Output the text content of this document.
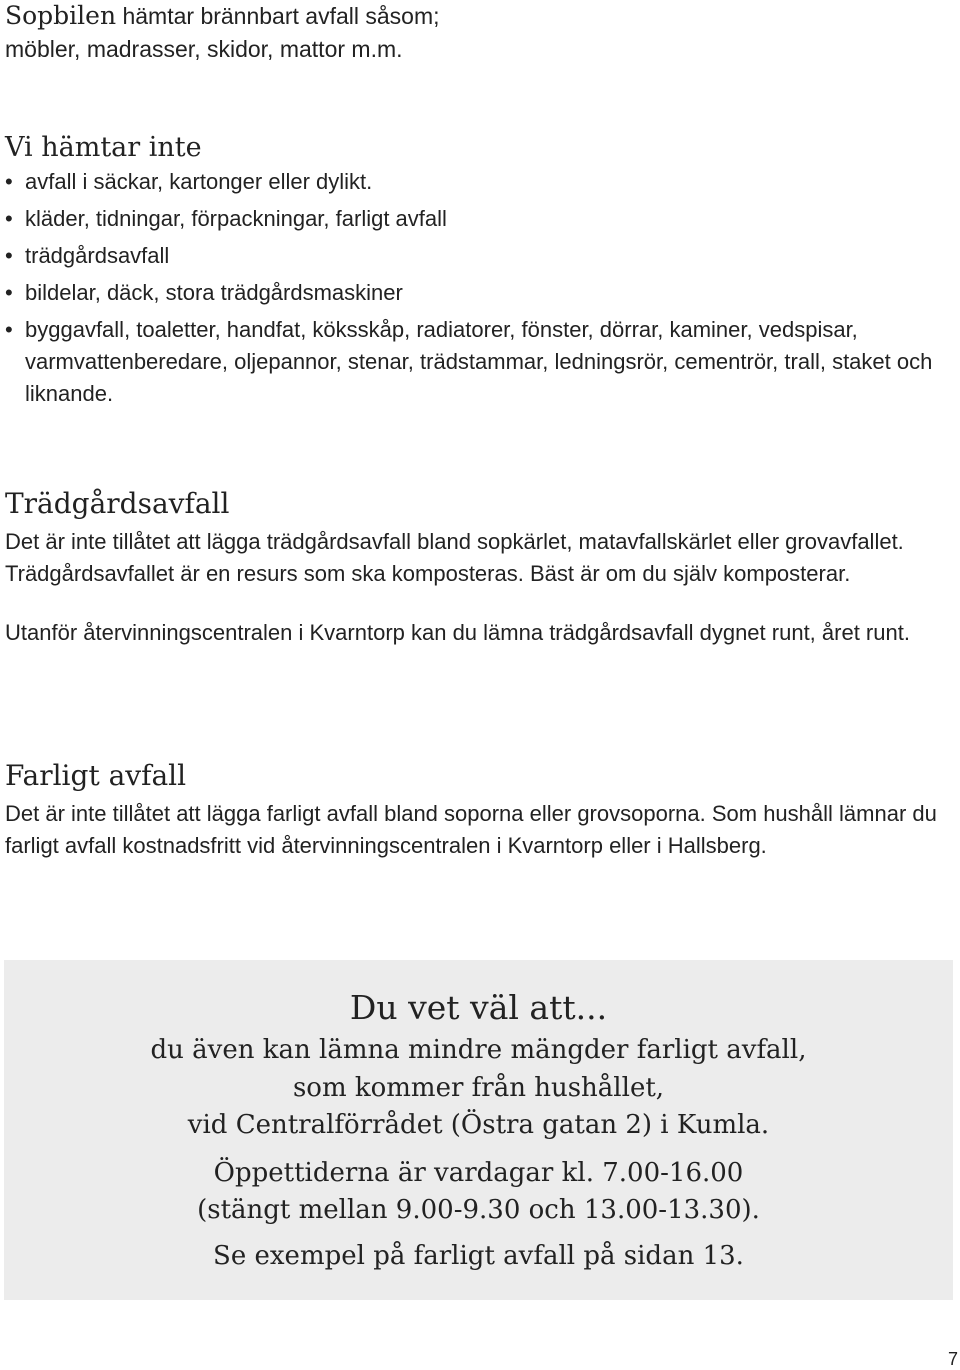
Sopbilen hämtar brännbart avfall såsom;
möbler, madrasser, skidor, mattor m.m.
Vi hämtar inte
• avfall i säckar, kartonger eller dylikt.
• kläder, tidningar, förpackningar, farligt avfall
• trädgårdsavfall
• bildelar, däck, stora trädgårdsmaskiner
• byggavfall, toaletter, handfat, köksskåp, radiatorer, fönster, dörrar, kaminer, vedspisar, varmvattenberedare, oljepannor, stenar, trädstammar, ledningsrör, cementrör, trall, staket och liknande.
Trädgårdsavfall

Det är inte tillåtet att lägga trädgårdsavfall bland sopkärlet, matavfallskärlet eller grovavfallet. Trädgårdsavfallet är en resurs som ska komposteras. Bäst är om du själv komposterar.

Utanför återvinningscentralen i Kvarntorp kan du lämna trädgårdsavfall dygnet runt, året runt.

Farligt avfall

Det är inte tillåtet att lägga farligt avfall bland soporna eller grovsoporna. Som hushåll lämnar du farligt avfall kostnadsfritt vid återvinningscentralen i Kvarntorp eller i Hallsberg.

Du vet väl att...
du även kan lämna mindre mängder farligt avfall,
som kommer från hushållet,
vid Centralförrådet (Östra gatan 2) i Kumla.
Öppettiderna är vardagar kl. 7.00-16.00
(stängt mellan 9.00-9.30 och 13.00-13.30).
Se exempel på farligt avfall på sidan 13.
7
